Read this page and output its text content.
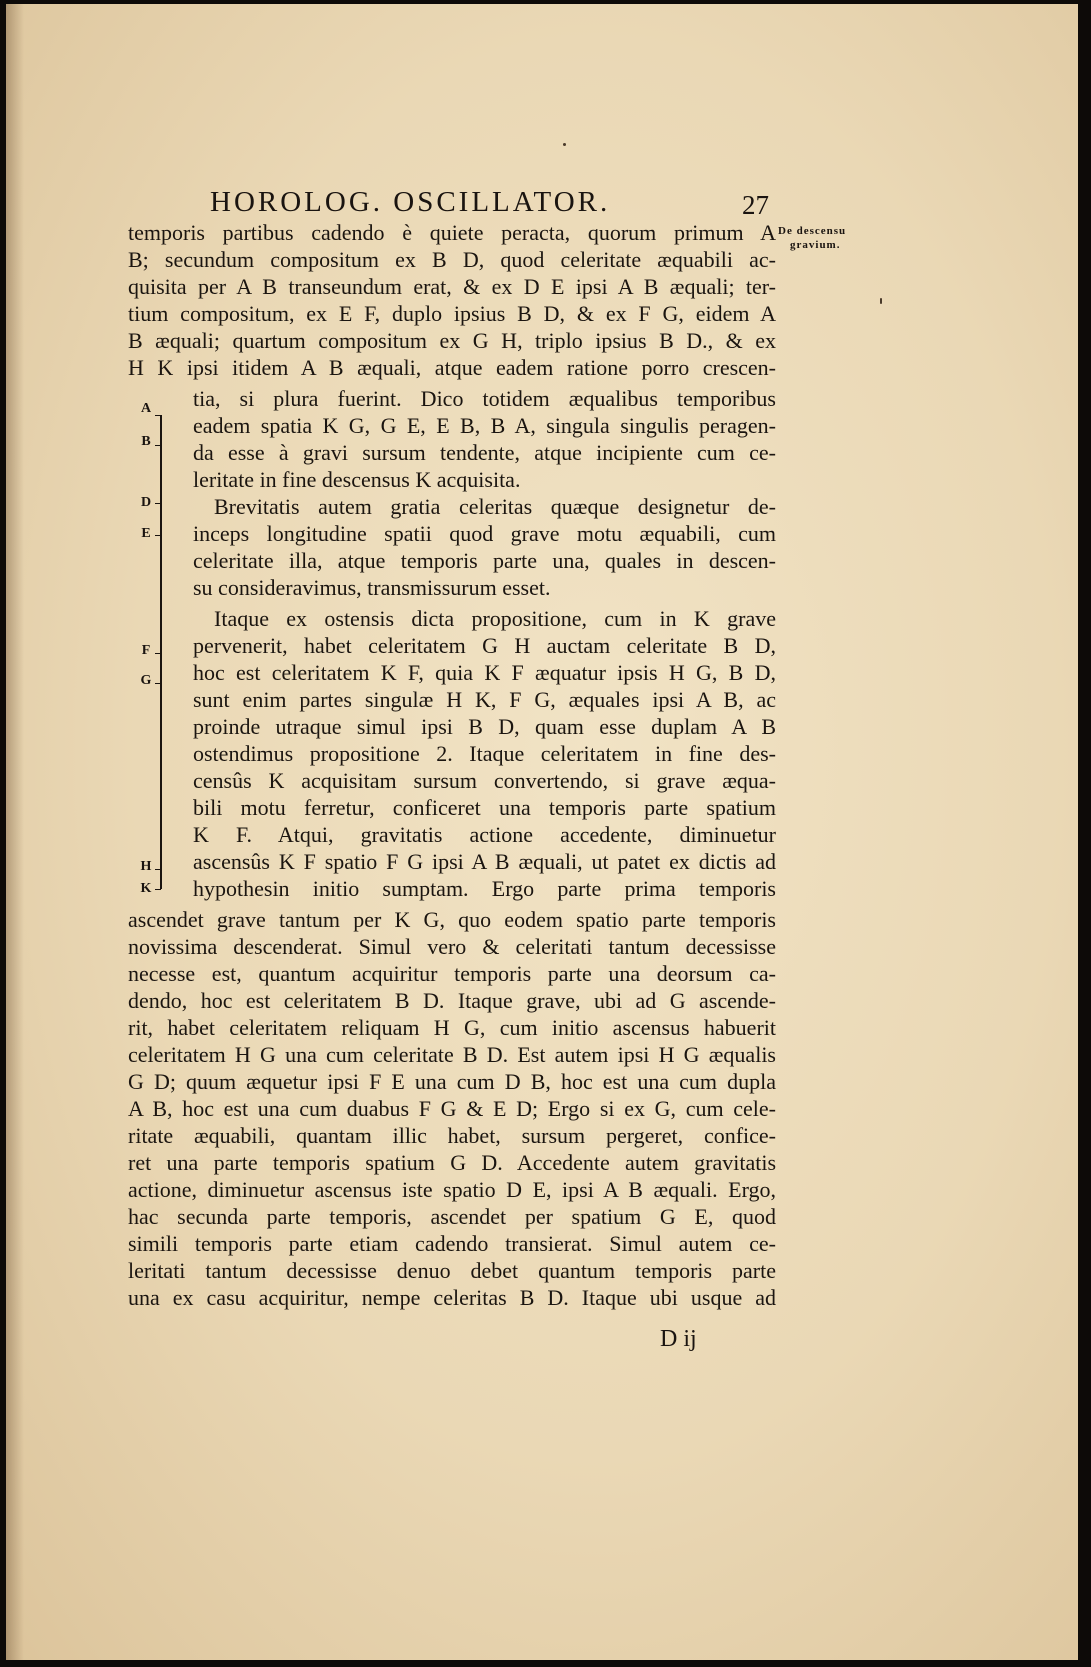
HOROLOG. OSCILLATOR.	27
De descensu
gravium.
A
B
D
E
F
G
H
K
temporis partibus cadendo è quiete peracta, quorum primum A
B; secundum compositum ex B D, quod celeritate æquabili ac-
quisita per A B transeundum erat, & ex D E ipsi A B æquali; ter-
tium compositum, ex E F, duplo ipsius B D, & ex F G, eidem A
B æquali; quartum compositum ex G H, triplo ipsius B D., & ex
H K ipsi itidem A B æquali, atque eadem ratione porro crescen-
tia, si plura fuerint. Dico totidem æqualibus temporibus
eadem spatia K G, G E, E B, B A, singula singulis peragen-
da esse à gravi sursum tendente, atque incipiente cum ce-
leritate in fine descensus K acquisita.
Brevitatis autem gratia celeritas quæque designetur de-
inceps longitudine spatii quod grave motu æquabili, cum
celeritate illa, atque temporis parte una, quales in descen-
su consideravimus, transmissurum esset.
Itaque ex ostensis dicta propositione, cum in K grave
pervenerit, habet celeritatem G H auctam celeritate B D,
hoc est celeritatem K F, quia K F æquatur ipsis H G, B D,
sunt enim partes singulæ H K, F G, æquales ipsi A B, ac
proinde utraque simul ipsi B D, quam esse duplam A B
ostendimus propositione 2. Itaque celeritatem in fine des-
censûs K acquisitam sursum convertendo, si grave æqua-
bili motu ferretur, conficeret una temporis parte spatium
K F. Atqui, gravitatis actione accedente, diminuetur
ascensûs K F spatio F G ipsi A B æquali, ut patet ex dictis ad
hypothesin initio sumptam. Ergo parte prima temporis
ascendet grave tantum per K G, quo eodem spatio parte temporis
novissima descenderat. Simul vero & celeritati tantum decessisse
necesse est, quantum acquiritur temporis parte una deorsum ca-
dendo, hoc est celeritatem B D. Itaque grave, ubi ad G ascende-
rit, habet celeritatem reliquam H G, cum initio ascensus habuerit
celeritatem H G una cum celeritate B D. Est autem ipsi H G æqualis
G D; quum æquetur ipsi F E una cum D B, hoc est una cum dupla
A B, hoc est una cum duabus F G & E D; Ergo si ex G, cum cele-
ritate æquabili, quantam illic habet, sursum pergeret, confice-
ret una parte temporis spatium G D. Accedente autem gravitatis
actione, diminuetur ascensus iste spatio D E, ipsi A B æquali. Ergo,
hac secunda parte temporis, ascendet per spatium G E, quod
simili temporis parte etiam cadendo transierat. Simul autem ce-
leritati tantum decessisse denuo debet quantum temporis parte
una ex casu acquiritur, nempe celeritas B D. Itaque ubi usque ad
D ij
